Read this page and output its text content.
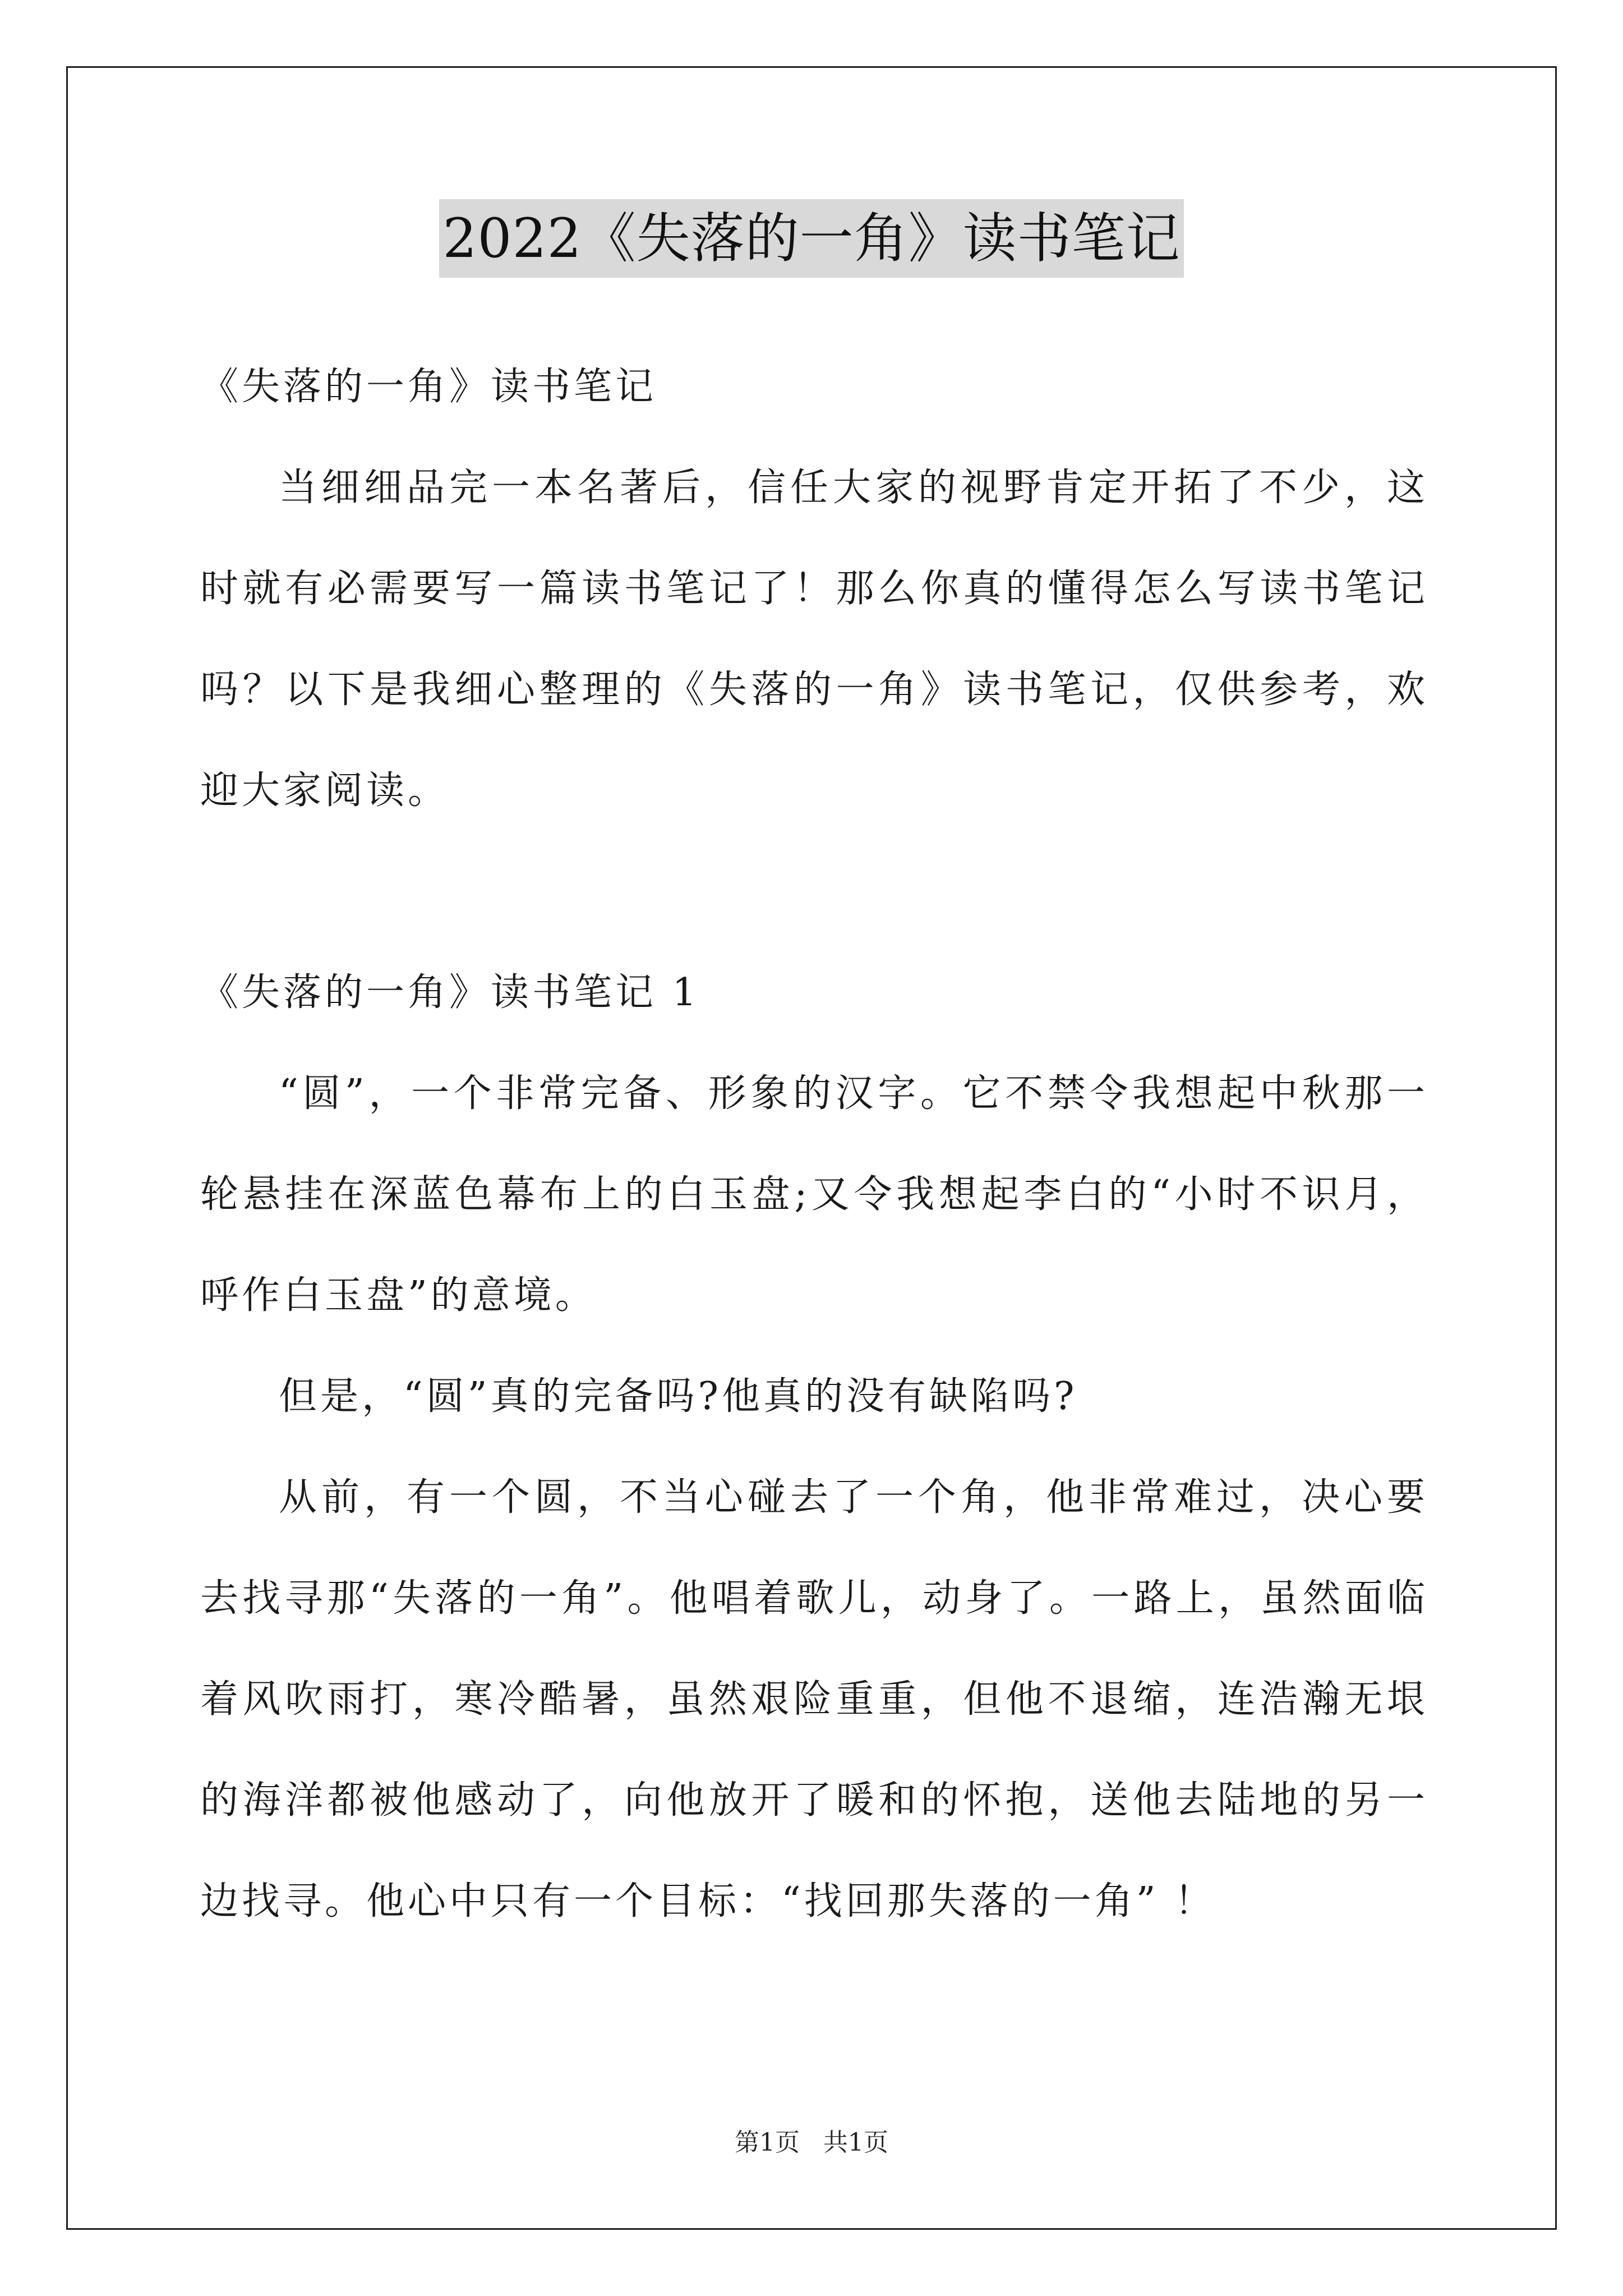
2022《失落的一角》读书笔记

《失落的一角》读书笔记

当细细品完一本名著后，信任大家的视野肯定开拓了不少，这时就有必需要写一篇读书笔记了！那么你真的懂得怎么写读书笔记吗？以下是我细心整理的《失落的一角》读书笔记，仅供参考，欢迎大家阅读。

《失落的一角》读书笔记 1

“圆”，一个非常完备、形象的汉字。它不禁令我想起中秋那一轮悬挂在深蓝色幕布上的白玉盘;又令我想起李白的“小时不识月，呼作白玉盘”的意境。

但是，“圆”真的完备吗?他真的没有缺陷吗?

从前，有一个圆，不当心碰去了一个角，他非常难过，决心要去找寻那“失落的一角”。他唱着歌儿，动身了。一路上，虽然面临着风吹雨打，寒冷酷暑，虽然艰险重重，但他不退缩，连浩瀚无垠的海洋都被他感动了，向他放开了暖和的怀抱，送他去陆地的另一边找寻。他心中只有一个目标：“找回那失落的一角” ！

第1页   共1页
